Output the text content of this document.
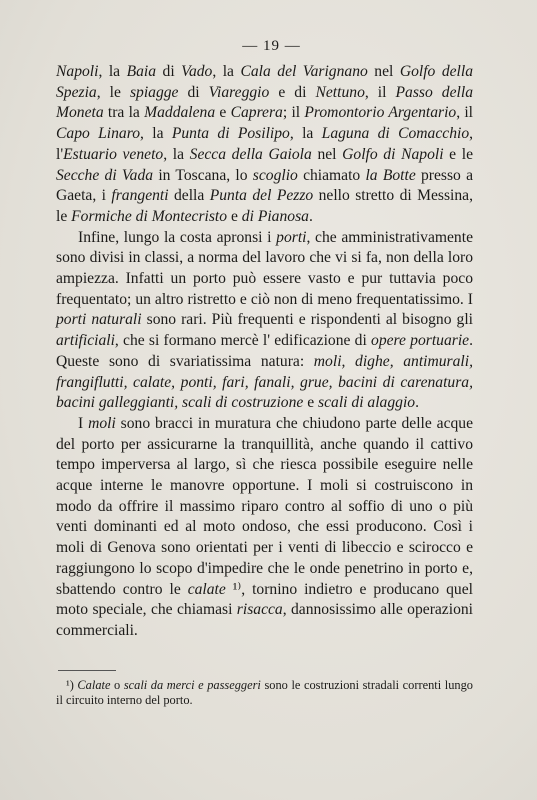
— 19 —

Napoli, la Baia di Vado, la Cala del Varignano nel Golfo della Spezia, le spiagge di Viareggio e di Nettuno, il Passo della Moneta tra la Maddalena e Caprera; il Promontorio Argentario, il Capo Linaro, la Punta di Posilipo, la Laguna di Comacchio, l'Estuario veneto, la Secca della Gaiola nel Golfo di Napoli e le Secche di Vada in Toscana, lo scoglio chiamato la Botte presso a Gaeta, i frangenti della Punta del Pezzo nello stretto di Messina, le Formiche di Montecristo e di Pianosa.

Infine, lungo la costa apronsi i porti, che amministrativamente sono divisi in classi, a norma del lavoro che vi si fa, non della loro ampiezza. Infatti un porto può essere vasto e pur tuttavia poco frequentato; un altro ristretto e ciò non di meno frequentatissimo. I porti naturali sono rari. Più frequenti e rispondenti al bisogno gli artificiali, che si formano mercè l' edificazione di opere portuarie. Queste sono di svariatissima natura: moli, dighe, antimurali, frangiflutti, calate, ponti, fari, fanali, grue, bacini di carenatura, bacini galleggianti, scali di costruzione e scali di alaggio.

I moli sono bracci in muratura che chiudono parte delle acque del porto per assicurarne la tranquillità, anche quando il cattivo tempo imperversa al largo, sì che riesca possibile eseguire nelle acque interne le manovre opportune. I moli si costruiscono in modo da offrire il massimo riparo contro al soffio di uno o più venti dominanti ed al moto ondoso, che essi producono. Così i moli di Genova sono orientati per i venti di libeccio e scirocco e raggiungono lo scopo d'impedire che le onde penetrino in porto e, sbattendo contro le calate ¹⁾, tornino indietro e producano quel moto speciale, che chiamasi risacca, dannosissimo alle operazioni commerciali.

¹) Calate o scali da merci e passeggeri sono le costruzioni stradali correnti lungo il circuito interno del porto.
